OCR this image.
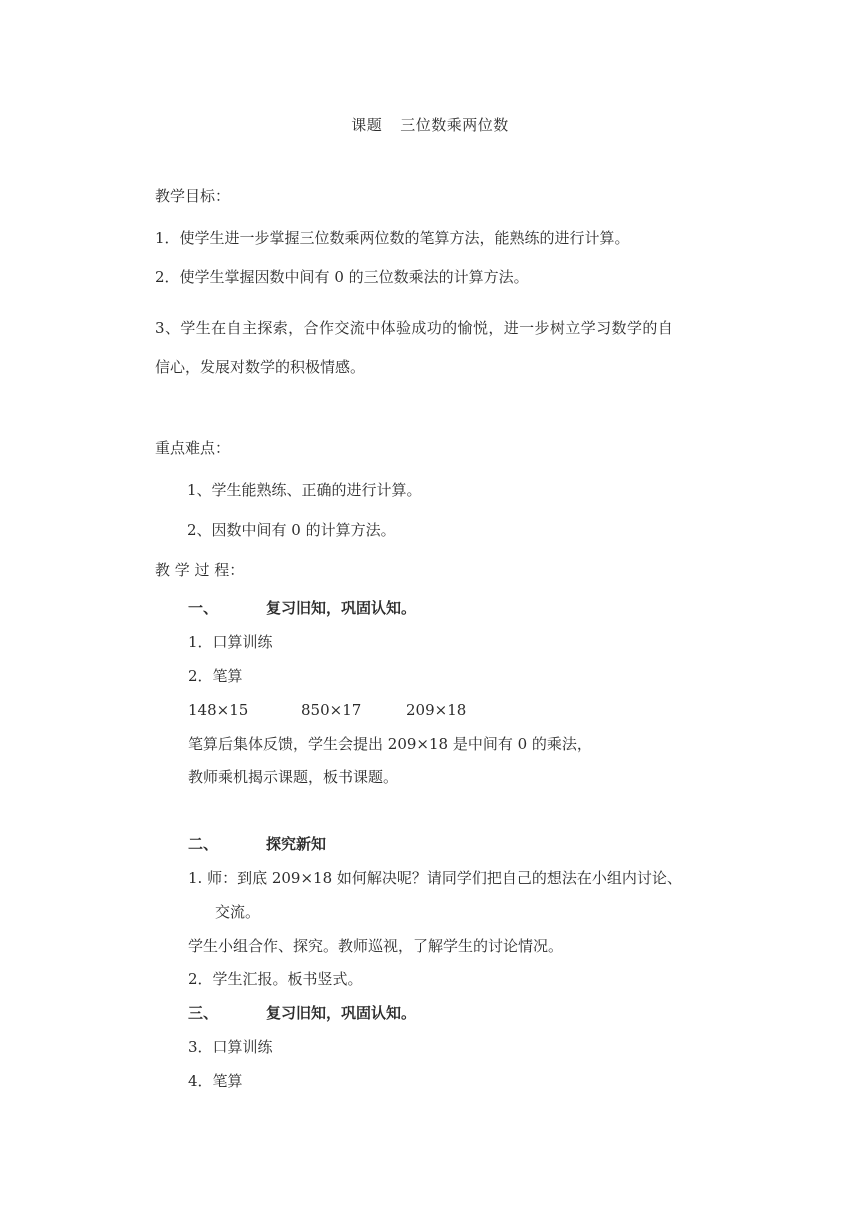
课题 三位数乘两位数
教学目标：
1．使学生进一步掌握三位数乘两位数的笔算方法，能熟练的进行计算。
2．使学生掌握因数中间有 0 的三位数乘法的计算方法。
3、学生在自主探索，合作交流中体验成功的愉悦，进一步树立学习数学的自
信心，发展对数学的积极情感。
重点难点：
1、学生能熟练、正确的进行计算。
2、因数中间有 0 的计算方法。
教 学 过 程：
一、	复习旧知，巩固认知。
1．口算训练
2．笔算
148×15	850×17	209×18
笔算后集体反馈，学生会提出 209×18 是中间有 0 的乘法，
教师乘机揭示课题，板书课题。
二、	探究新知
1. 师：到底 209×18 如何解决呢？请同学们把自己的想法在小组内讨论、
交流。
学生小组合作、探究。教师巡视，了解学生的讨论情况。
2．学生汇报。板书竖式。
三、	复习旧知，巩固认知。
3．口算训练
4．笔算
